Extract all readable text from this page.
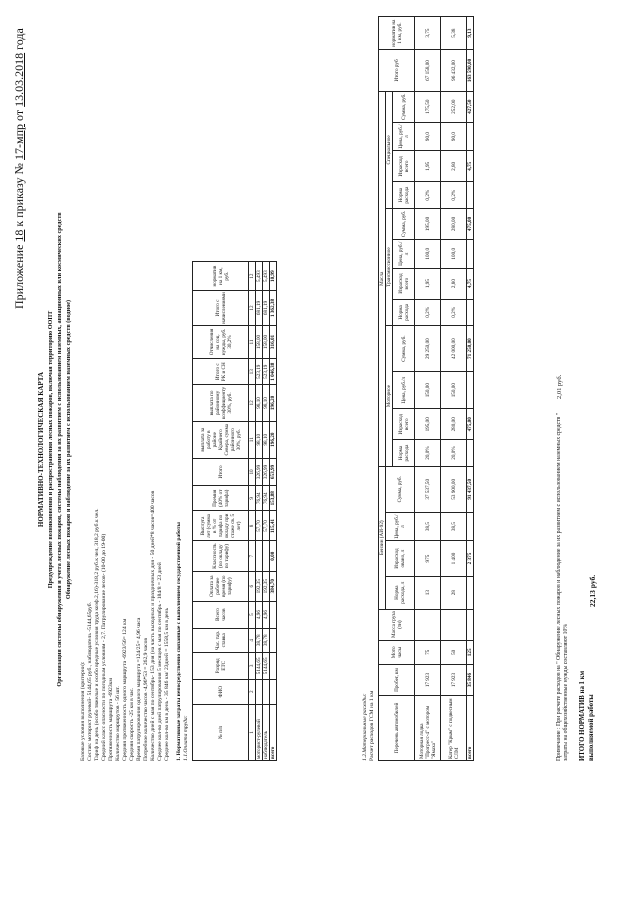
Приложение 18 к приказу № 17-мпр от 13.03.2018 года
НОРМАТИВНО-ТЕХНОЛОГИЧЕСКАЯ КАРТА Предупреждение возникновения и распространения лесных пожаров, включая территорию ООПТ Организация системы обнаружения и учета лесных пожаров, системы наблюдения за их развитием с использованием наземных, авиационных или космических средств Обнаружение лесных пожаров и наблюдение за их развитием с использованием наземных средств (водное)
Базовые условия выполнения (критерии): Состав: моторист рулевой- 5144,65 руб., наблюдатель -5144,65руб. Тариф на день (особо тяжелые и особо вредные условия труда коэф.2,16)-318,2 руб.к чел, 318,2 руб.к чел. Средний класс опасности по погодным условиям - 2,7. Патрулирование лесов- (10-00 до 19-00) Протяженность маршрута -6923км Количество маршрутов - 56 шт. Средняя протяженность одного маршрута -6923/56= 124 км Средняя скорость -25 км в час. Время патрулирования одного маршрута =124/25= 4,96 часа Потребное количество часов -4,96*53 = 262,9 часов Количество дней с мая по сентябрь- 153 дня (на часть выходных и праздничных дня - 50 дней*8 часов=400 часов Среднее кол-во дней патрулирования 5 месяцев с мая по сентябрь - 184/8 = 23 дней Среднее кол-во км в день - 35 846 км/ 23дней = 1558,5 км в день 1. Нормативные затраты непосредственно связанные с выполнением государственной работы 1.1.Оплата труда:	№ п/п	ФИО	Разряд ЕТС	Час. тар. ставка	Всего часов	Оплата за рабочее время (по тарифу)	Классность (по окладу по тарифу)	Выслуга лет (сумма в % от тарифа по окладу при стаже св. 5 лет)	Премия (40% от тарифа)	Итого	выплата за работу в районе Крайнего Севера, сумма районного 30%, руб.	выплата по районному коэффициенту 30%, руб.	Итого с РК и СН	Отчисления на соц. нужды, руб. 30,2%	Итого с начислениями	норматив на 1 км, руб.
1	2	3	4	5	6	7	8	9	10	11	12	13	11	12	12
моторист-рулевой		5144,65	38,78	4,96	192,35		57,70	76,94	326,99	98,10	98,10	523,19	158,00	681,19	5,493
наблюдатель		5144,65	38,78	4,96	192,35		57,70	76,94	326,99	98,10	98,10	523,19	158,00	681,19	5,493
всего					384,70	0,00	115,41	153,88	653,99	196,20	196,20	1 046,38	316,01	1 362,38	10,99
1.2.Материальные расходы: Расчет расходов ГСМ на 1 км	Перечень автомобилей	Пробег, км	Мото часы	Масса груза (тн)	Бензин (АИ-92)				Масла												Итого руб	норматив на 1 км, руб.
				Норма расхода, л	Израсход овано, л	Цена, руб./л	Сумма, руб.	Моторное				Трансмиссионное				Специальное					
								Норма расхода	Израсход всего	Цена, руб./л	Сумма, руб.	Норма расхода	Израсход всего	Цена, руб./л	Сумма, руб.	Норма расхода	Израсход всего	Цена, руб./л	Сумма, руб.		
Моторная лодка "Прогресс-4" с мотором "Ямаха"	17 923	75		13	975	38,5	37 537,50	20,0%	195,00	150,00	29 250,00	0,2%	1,95	100,0	195,00	0,2%	1,95	90,0	175,50	67 158,00	3,75
Катер "Крым" с подвесным СЛМ	17 923	50		28	1 400	38,5	53 900,00	20,0%	280,00	150,00	42 000,00	0,2%	2,80	100,0	280,00	0,2%	2,80	90,0	252,00	96 432,00	5,38
всего	35 846	125			2 375		91 437,50		475,00		71 250,00		4,75		475,00		4,75		427,50	163 590,00	9,13
Примечание : При расчете расходов на " Обнаружение лесных пожаров и наблюдение за их развитием с использованием наземных средств " затраты на общехозяйственные нужды составляют 10%
2,01 руб.
ИТОГО НОРМАТИВ на 1 км выполняемой работы
22,13 руб.
